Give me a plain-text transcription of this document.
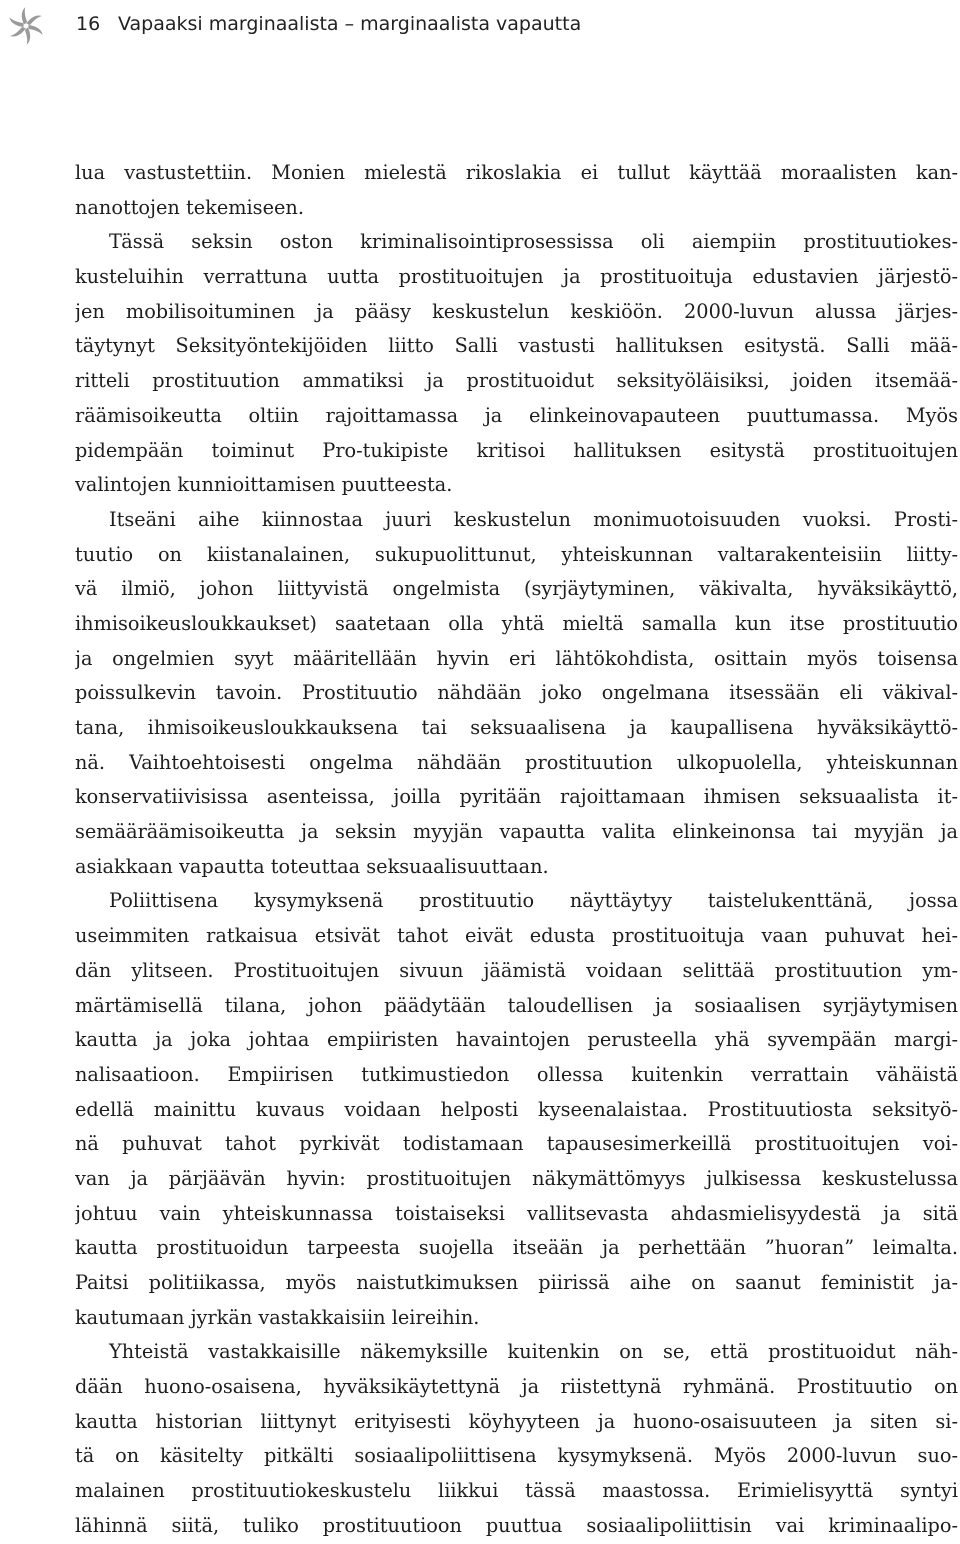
16 Vapaaksi marginaalista – marginaalista vapautta
lua vastustettiin. Monien mielestä rikoslakia ei tullut käyttää moraalisten kan-
nanottojen tekemiseen.
Tässä seksin oston kriminalisointiprosessissa oli aiempiin prostituutiokes-
kusteluihin verrattuna uutta prostituoitujen ja prostituoituja edustavien järjestö-
jen mobilisoituminen ja pääsy keskustelun keskiöön. 2000-luvun alussa järjes-
täytynyt Seksityöntekijöiden liitto Salli vastusti hallituksen esitystä. Salli mää-
ritteli prostituution ammatiksi ja prostituoidut seksityöläisiksi, joiden itsemää-
räämisoikeutta oltiin rajoittamassa ja elinkeinovapauteen puuttumassa. Myös
pidempään toiminut Pro-tukipiste kritisoi hallituksen esitystä prostituoitujen
valintojen kunnioittamisen puutteesta.
Itseäni aihe kiinnostaa juuri keskustelun monimuotoisuuden vuoksi. Prosti-
tuutio on kiistanalainen, sukupuolittunut, yhteiskunnan valtarakenteisiin liitty-
vä ilmiö, johon liittyvistä ongelmista (syrjäytyminen, väkivalta, hyväksikäyttö,
ihmisoikeusloukkaukset) saatetaan olla yhtä mieltä samalla kun itse prostituutio
ja ongelmien syyt määritellään hyvin eri lähtökohdista, osittain myös toisensa
poissulkevin tavoin. Prostituutio nähdään joko ongelmana itsessään eli väkival-
tana, ihmisoikeusloukkauksena tai seksuaalisena ja kaupallisena hyväksikäyttö-
nä. Vaihtoehtoisesti ongelma nähdään prostituution ulkopuolella, yhteiskunnan
konservatiivisissa asenteissa, joilla pyritään rajoittamaan ihmisen seksuaalista it-
semääräämisoikeutta ja seksin myyjän vapautta valita elinkeinonsa tai myyjän ja
asiakkaan vapautta toteuttaa seksuaalisuuttaan.
Poliittisena kysymyksenä prostituutio näyttäytyy taistelukenttänä, jossa
useimmiten ratkaisua etsivät tahot eivät edusta prostituoituja vaan puhuvat hei-
dän ylitseen. Prostituoitujen sivuun jäämistä voidaan selittää prostituution ym-
märtämisellä tilana, johon päädytään taloudellisen ja sosiaalisen syrjäytymisen
kautta ja joka johtaa empiiristen havaintojen perusteella yhä syvempään margi-
nalisaatioon. Empiirisen tutkimustiedon ollessa kuitenkin verrattain vähäistä
edellä mainittu kuvaus voidaan helposti kyseenalaistaa. Prostituutiosta seksityö-
nä puhuvat tahot pyrkivät todistamaan tapausesimerkeillä prostituoitujen voi-
van ja pärjäävän hyvin: prostituoitujen näkymättömyys julkisessa keskustelussa
johtuu vain yhteiskunnassa toistaiseksi vallitsevasta ahdasmielisyydestä ja sitä
kautta prostituoidun tarpeesta suojella itseään ja perhettään ”huoran” leimalta.
Paitsi politiikassa, myös naistutkimuksen piirissä aihe on saanut feministit ja-
kautumaan jyrkän vastakkaisiin leireihin.
Yhteistä vastakkaisille näkemyksille kuitenkin on se, että prostituoidut näh-
dään huono-osaisena, hyväksikäytettynä ja riistettynä ryhmänä. Prostituutio on
kautta historian liittynyt erityisesti köyhyyteen ja huono-osaisuuteen ja siten si-
tä on käsitelty pitkälti sosiaalipoliittisena kysymyksenä. Myös 2000-luvun suo-
malainen prostituutiokeskustelu liikkui tässä maastossa. Erimielisyyttä syntyi
lähinnä siitä, tuliko prostituutioon puuttua sosiaalipoliittisin vai kriminaalipo-
